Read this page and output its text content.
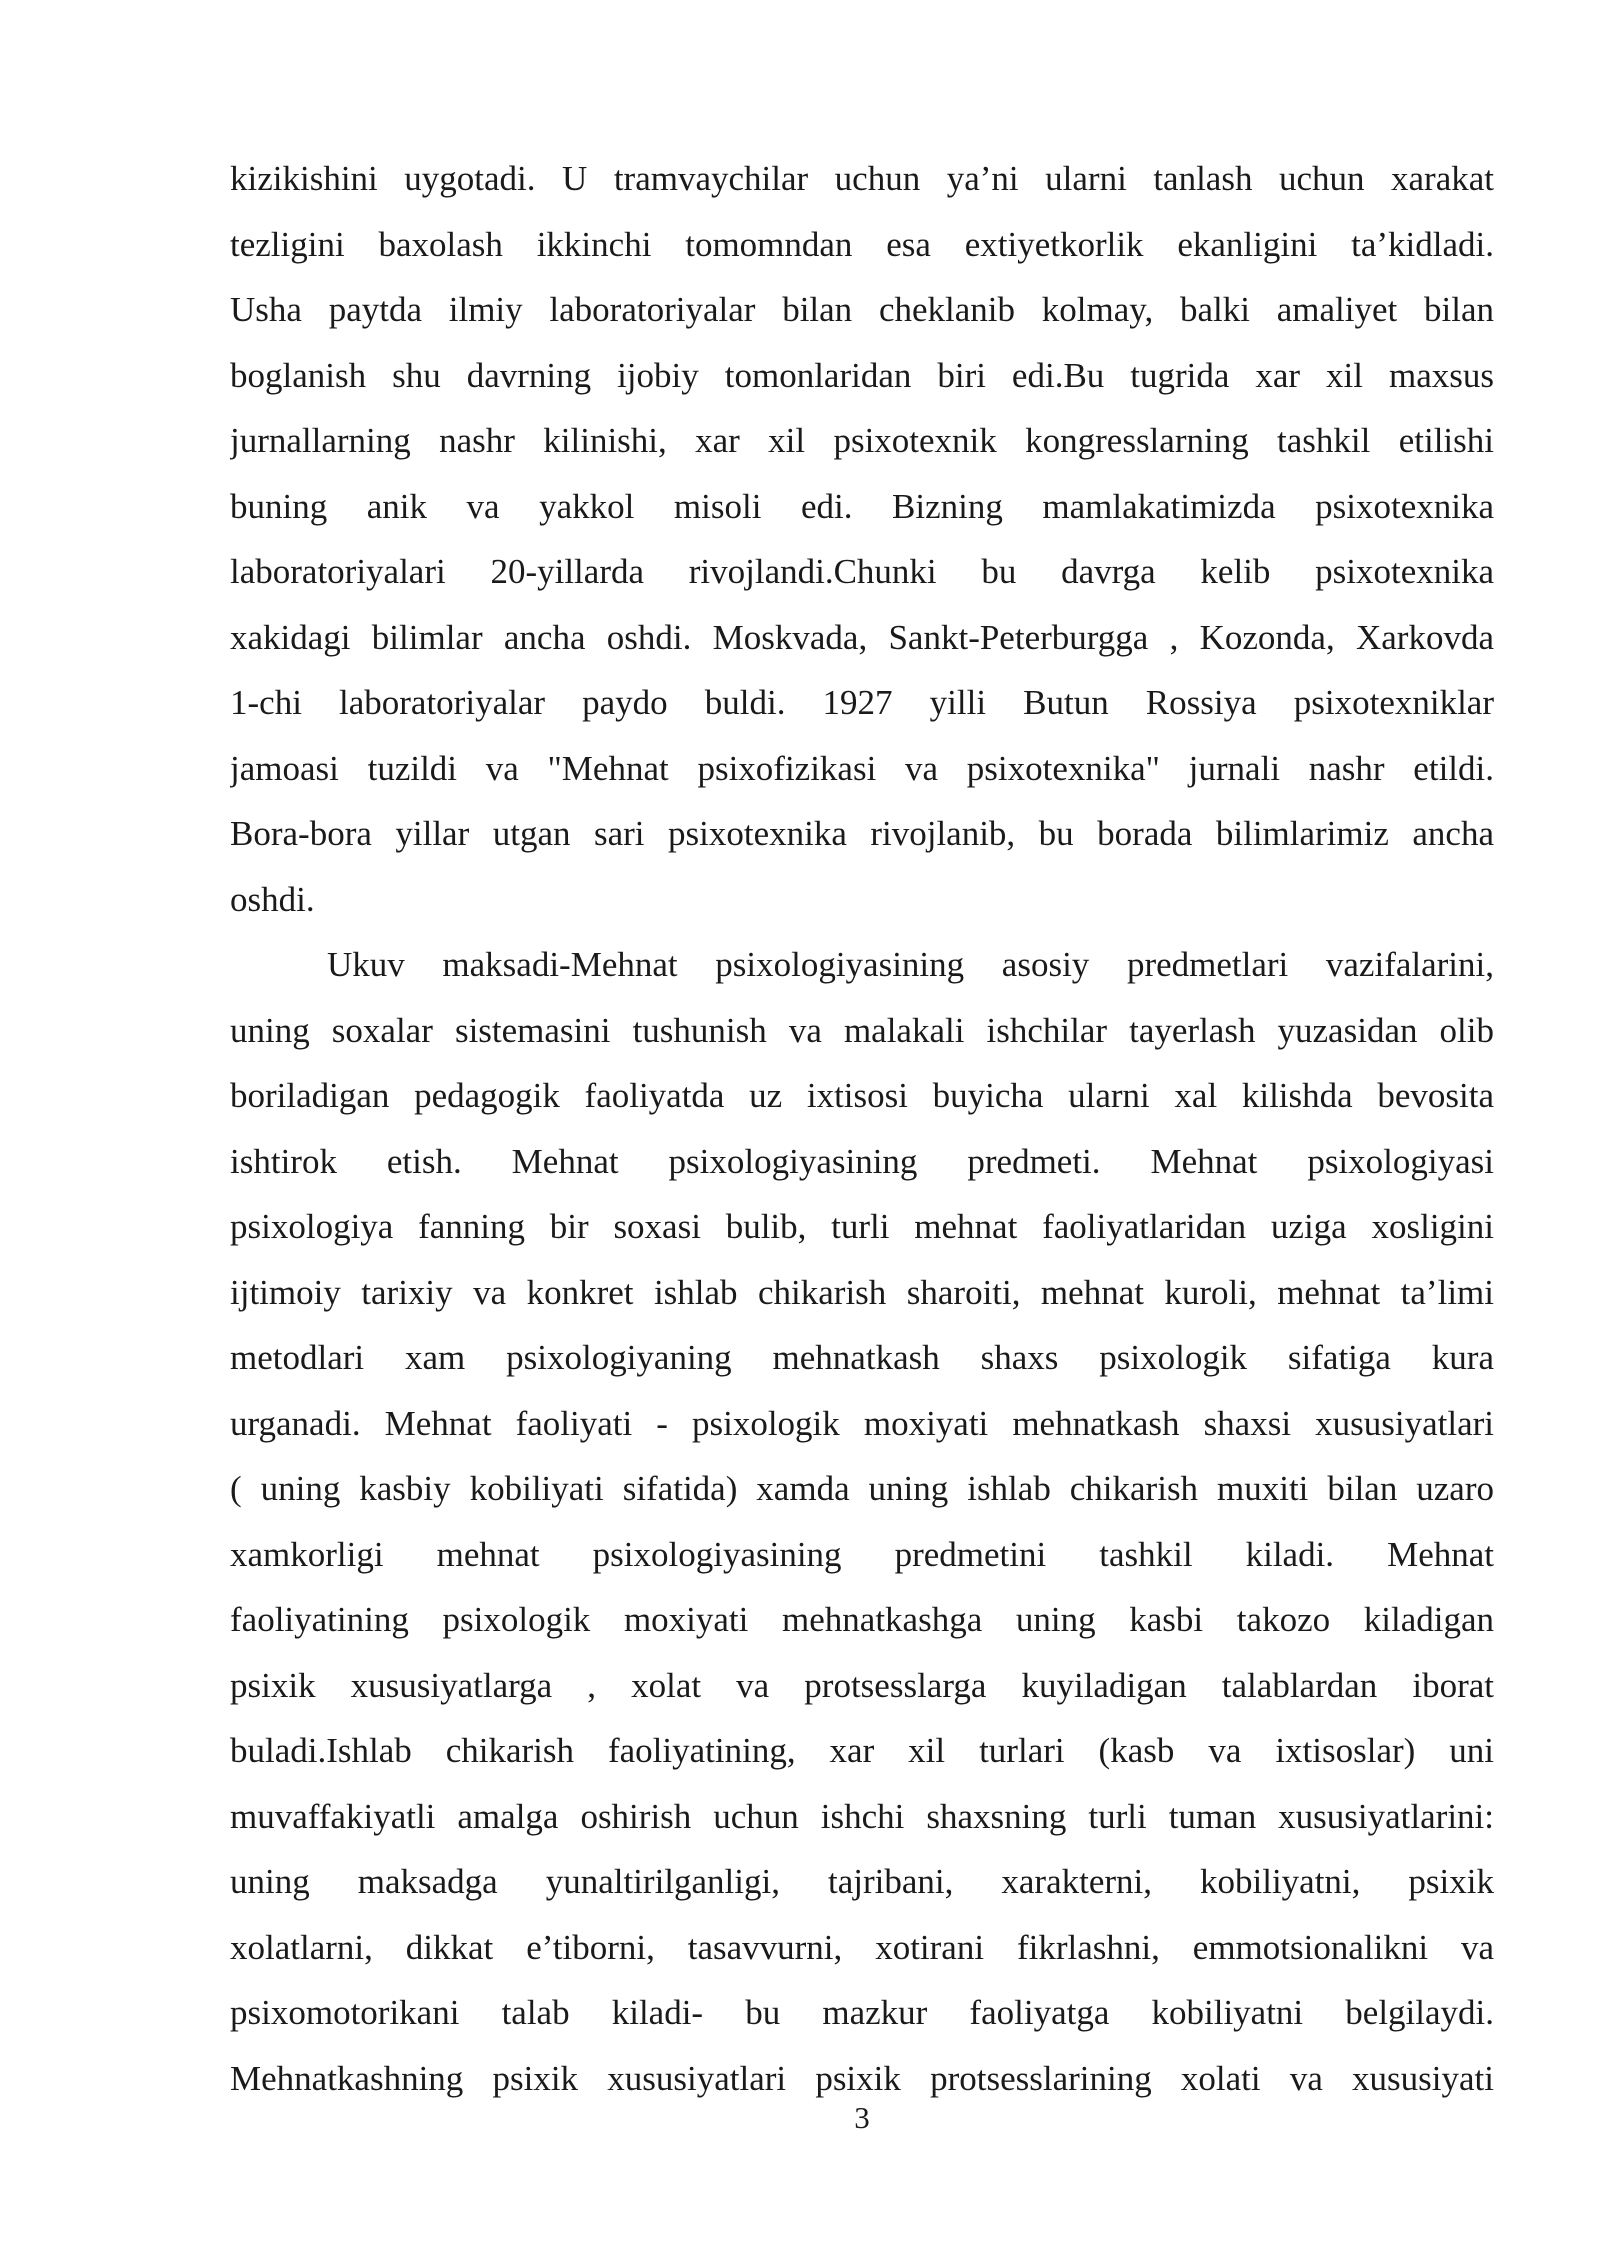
kizikishini uygotadi. U tramvaychilar uchun ya’ni ularni tanlash uchun xarakat
tezligini baxolash ikkinchi tomomndan esa extiyetkorlik ekanligini ta’kidladi.
Usha paytda ilmiy laboratoriyalar bilan cheklanib kolmay, balki amaliyet bilan
boglanish shu davrning ijobiy tomonlaridan biri edi.Bu tugrida xar xil maxsus
jurnallarning nashr kilinishi, xar xil psixotexnik kongresslarning tashkil etilishi
buning anik va yakkol misoli edi. Bizning mamlakatimizda psixotexnika
laboratoriyalari 20-yillarda rivojlandi.Chunki bu davrga kelib psixotexnika
xakidagi bilimlar ancha oshdi. Moskvada, Sankt-Peterburgga , Kozonda, Xarkovda
1-chi laboratoriyalar paydo buldi. 1927 yilli Butun Rossiya psixotexniklar
jamoasi tuzildi va "Mehnat psixofizikasi va psixotexnika" jurnali nashr etildi.
Bora-bora yillar utgan sari psixotexnika rivojlanib, bu borada bilimlarimiz ancha
oshdi.
Ukuv maksadi-Mehnat psixologiyasining asosiy predmetlari vazifalarini,
uning soxalar sistemasini tushunish va malakali ishchilar tayerlash yuzasidan olib
boriladigan pedagogik faoliyatda uz ixtisosi buyicha ularni xal kilishda bevosita
ishtirok etish. Mehnat psixologiyasining predmeti. Mehnat psixologiyasi
psixologiya fanning bir soxasi bulib, turli mehnat faoliyatlaridan uziga xosligini
ijtimoiy tarixiy va konkret ishlab chikarish sharoiti, mehnat kuroli, mehnat ta’limi
metodlari xam psixologiyaning mehnatkash shaxs psixologik sifatiga kura
urganadi. Mehnat faoliyati - psixologik moxiyati mehnatkash shaxsi xususiyatlari
( uning kasbiy kobiliyati sifatida) xamda uning ishlab chikarish muxiti bilan uzaro
xamkorligi mehnat psixologiyasining predmetini tashkil kiladi. Mehnat
faoliyatining psixologik moxiyati mehnatkashga uning kasbi takozo kiladigan
psixik xususiyatlarga , xolat va protsesslarga kuyiladigan talablardan iborat
buladi.Ishlab chikarish faoliyatining, xar xil turlari (kasb va ixtisoslar) uni
muvaffakiyatli amalga oshirish uchun ishchi shaxsning turli tuman xususiyatlarini:
uning maksadga yunaltirilganligi, tajribani, xarakterni, kobiliyatni, psixik
xolatlarni, dikkat e’tiborni, tasavvurni, xotirani fikrlashni, emmotsionalikni va
psixomotorikani talab kiladi- bu mazkur faoliyatga kobiliyatni belgilaydi.
Mehnatkashning psixik xususiyatlari psixik protsesslarining xolati va xususiyati
3
